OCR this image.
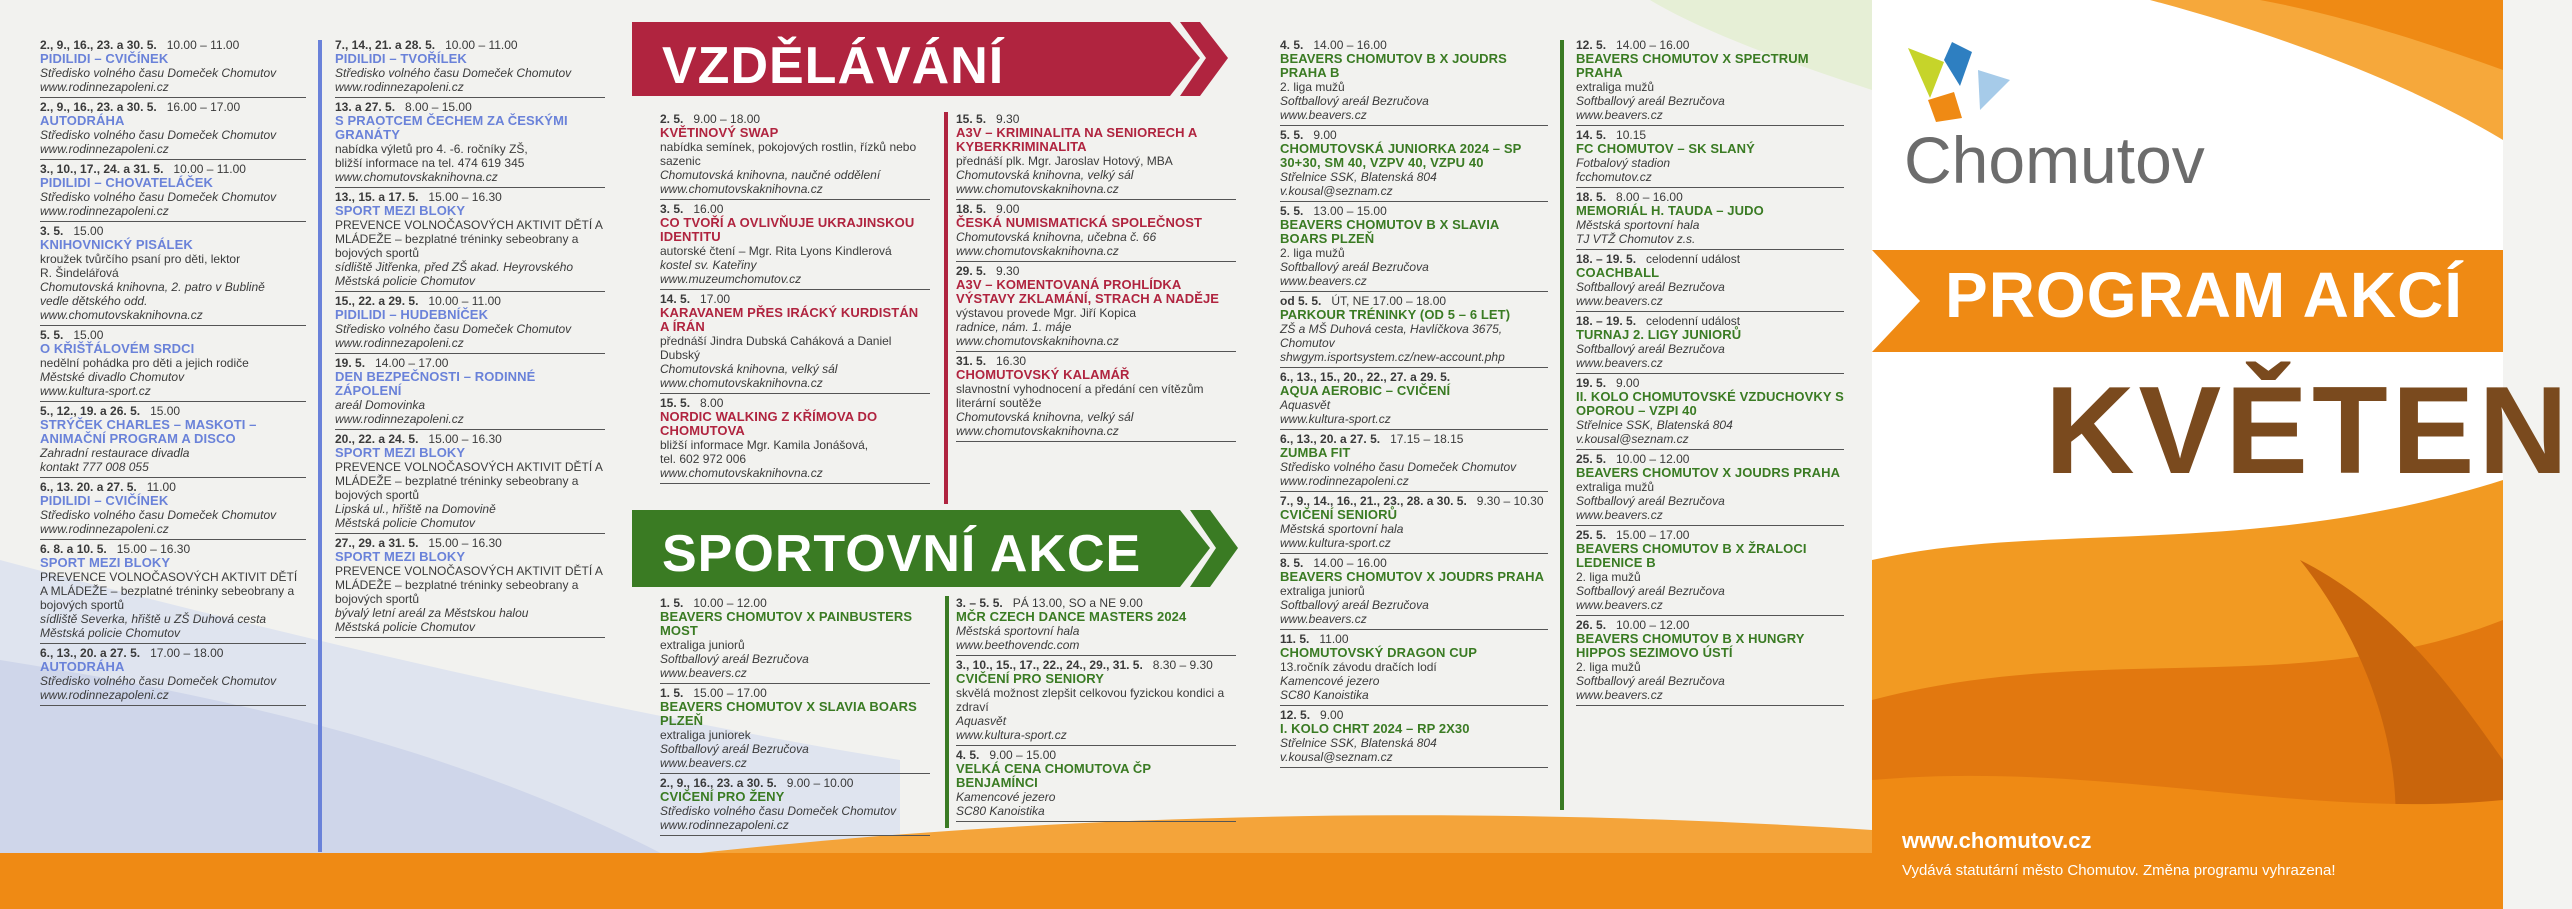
VZDĚLÁVÁNÍ
SPORTOVNÍ AKCE
2., 9., 16., 23. a 30. 5. 10.00 – 11.00
PIDILIDI – CVIČÍNEK
Středisko volného času Domeček Chomutov
www.rodinnezapoleni.cz
2., 9., 16., 23. a 30. 5. 16.00 – 17.00
AUTODRÁHA
Středisko volného času Domeček Chomutov
www.rodinnezapoleni.cz
3., 10., 17., 24. a 31. 5. 10.00 – 11.00
PIDILIDI – CHOVATELÁČEK
Středisko volného času Domeček Chomutov
www.rodinnezapoleni.cz
3. 5. 15.00
KNIHOVNICKÝ PISÁLEK
kroužek tvůrčího psaní pro děti, lektor
R. Šindelářová
Chomutovská knihovna, 2. patro v Bublině
vedle dětského odd.
www.chomutovskaknihovna.cz
5. 5. 15.00
O KŘIŠŤÁLOVÉM SRDCI
nedělní pohádka pro děti a jejich rodiče
Městské divadlo Chomutov
www.kultura-sport.cz
5., 12., 19. a 26. 5. 15.00
STRÝČEK CHARLES – MASKOTI – ANIMAČNÍ PROGRAM A DISCO
Zahradní restaurace divadla
kontakt 777 008 055
6., 13. 20. a 27. 5. 11.00
PIDILIDI – CVIČÍNEK
Středisko volného času Domeček Chomutov
www.rodinnezapoleni.cz
6. 8. a 10. 5. 15.00 – 16.30
SPORT MEZI BLOKY
PREVENCE VOLNOČASOVÝCH AKTIVIT DĚTÍ A MLÁDEŽE – bezplatné tréninky sebeobrany a bojových sportů
sídliště Severka, hřiště u ZŠ Duhová cesta
Městská policie Chomutov
6., 13., 20. a 27. 5. 17.00 – 18.00
AUTODRÁHA
Středisko volného času Domeček Chomutov
www.rodinnezapoleni.cz
7., 14., 21. a 28. 5. 10.00 – 11.00
PIDILIDI – TVOŘÍLEK
Středisko volného času Domeček Chomutov
www.rodinnezapoleni.cz
13. a 27. 5. 8.00 – 15.00
S PRAOTCEM ČECHEM ZA ČESKÝMI GRANÁTY
nabídka výletů pro 4. -6. ročníky ZŠ,
bližší informace na tel. 474 619 345
www.chomutovskaknihovna.cz
13., 15. a 17. 5. 15.00 – 16.30
SPORT MEZI BLOKY
PREVENCE VOLNOČASOVÝCH AKTIVIT DĚTÍ A MLÁDEŽE – bezplatné tréninky sebeobrany a bojových sportů
sídliště Jitřenka, před ZŠ akad. Heyrovského
Městská policie Chomutov
15., 22. a 29. 5. 10.00 – 11.00
PIDILIDI – HUDEBNÍČEK
Středisko volného času Domeček Chomutov
www.rodinnezapoleni.cz
19. 5. 14.00 – 17.00
DEN BEZPEČNOSTI – RODINNÉ ZÁPOLENÍ
areál Domovinka
www.rodinnezapoleni.cz
20., 22. a 24. 5. 15.00 – 16.30
SPORT MEZI BLOKY
PREVENCE VOLNOČASOVÝCH AKTIVIT DĚTÍ A MLÁDEŽE – bezplatné tréninky sebeobrany a bojových sportů
Lipská ul., hřiště na Domovině
Městská policie Chomutov
27., 29. a 31. 5. 15.00 – 16.30
SPORT MEZI BLOKY
PREVENCE VOLNOČASOVÝCH AKTIVIT DĚTÍ A MLÁDEŽE – bezplatné tréninky sebeobrany a bojových sportů
bývalý letní areál za Městskou halou
Městská policie Chomutov
2. 5. 9.00 – 18.00
KVĚTINOVÝ SWAP
nabídka semínek, pokojových rostlin, řízků nebo sazenic
Chomutovská knihovna, naučné oddělení
www.chomutovskaknihovna.cz
3. 5. 16.00
CO TVOŘÍ A OVLIVŇUJE UKRAJINSKOU IDENTITU
autorské čtení – Mgr. Rita Lyons Kindlerová
kostel sv. Kateřiny
www.muzeumchomutov.cz
14. 5. 17.00
KARAVANEM PŘES IRÁCKÝ KURDISTÁN A ÍRÁN
přednáší Jindra Dubská Caháková a Daniel Dubský
Chomutovská knihovna, velký sál
www.chomutovskaknihovna.cz
15. 5. 8.00
NORDIC WALKING Z KŘÍMOVA DO CHOMUTOVA
bližší informace Mgr. Kamila Jonášová,
tel. 602 972 006
www.chomutovskaknihovna.cz
15. 5. 9.30
A3V – KRIMINALITA NA SENIORECH A KYBERKRIMINALITA
přednáší plk. Mgr. Jaroslav Hotový, MBA
Chomutovská knihovna, velký sál
www.chomutovskaknihovna.cz
18. 5. 9.00
ČESKÁ NUMISMATICKÁ SPOLEČNOST
Chomutovská knihovna, učebna č. 66
www.chomutovskaknihovna.cz
29. 5. 9.30
A3V – KOMENTOVANÁ PROHLÍDKA VÝSTAVY ZKLAMÁNÍ, STRACH A NADĚJE
výstavou provede Mgr. Jiří Kopica
radnice, nám. 1. máje
www.chomutovskaknihovna.cz
31. 5. 16.30
CHOMUTOVSKÝ KALAMÁŘ
slavnostní vyhodnocení a předání cen vítězům literární soutěže
Chomutovská knihovna, velký sál
www.chomutovskaknihovna.cz
1. 5. 10.00 – 12.00
BEAVERS CHOMUTOV X PAINBUSTERS MOST
extraliga juniorů
Softballový areál Bezručova
www.beavers.cz
1. 5. 15.00 – 17.00
BEAVERS CHOMUTOV X SLAVIA BOARS PLZEŇ
extraliga juniorek
Softballový areál Bezručova
www.beavers.cz
2., 9., 16., 23. a 30. 5. 9.00 – 10.00
CVIČENÍ PRO ŽENY
Středisko volného času Domeček Chomutov
www.rodinnezapoleni.cz
3. – 5. 5. PÁ 13.00, SO a NE 9.00
MČR CZECH DANCE MASTERS 2024
Městská sportovní hala
www.beethovendc.com
3., 10., 15., 17., 22., 24., 29., 31. 5. 8.30 – 9.30
CVIČENÍ PRO SENIORY
skvělá možnost zlepšit celkovou fyzickou kondici a zdraví
Aquasvět
www.kultura-sport.cz
4. 5. 9.00 – 15.00
VELKÁ CENA CHOMUTOVA ČP BENJAMÍNCI
Kamencové jezero
SC80 Kanoistika
4. 5. 14.00 – 16.00
BEAVERS CHOMUTOV B X JOUDRS PRAHA B
2. liga mužů
Softballový areál Bezručova
www.beavers.cz
5. 5. 9.00
CHOMUTOVSKÁ JUNIORKA 2024 – SP 30+30, SM 40, VZPV 40, VZPU 40
Střelnice SSK, Blatenská 804
v.kousal@seznam.cz
5. 5. 13.00 – 15.00
BEAVERS CHOMUTOV B X SLAVIA BOARS PLZEŇ
2. liga mužů
Softballový areál Bezručova
www.beavers.cz
od 5. 5. ÚT, NE 17.00 – 18.00
PARKOUR TRÉNINKY (OD 5 – 6 LET)
ZŠ a MŠ Duhová cesta, Havlíčkova 3675, Chomutov
shwgym.isportsystem.cz/new-account.php
6., 13., 15., 20., 22., 27. a 29. 5.
AQUA AEROBIC – CVIČENÍ
Aquasvět
www.kultura-sport.cz
6., 13., 20. a 27. 5. 17.15 – 18.15
ZUMBA FIT
Středisko volného času Domeček Chomutov
www.rodinnezapoleni.cz
7., 9., 14., 16., 21., 23., 28. a 30. 5. 9.30 – 10.30
CVIČENÍ SENIORŮ
Městská sportovní hala
www.kultura-sport.cz
8. 5. 14.00 – 16.00
BEAVERS CHOMUTOV X JOUDRS PRAHA
extraliga juniorů
Softballový areál Bezručova
www.beavers.cz
11. 5. 11.00
CHOMUTOVSKÝ DRAGON CUP
13.ročník závodu dračích lodí
Kamencové jezero
SC80 Kanoistika
12. 5. 9.00
I. KOLO CHRT 2024 – RP 2X30
Střelnice SSK, Blatenská 804
v.kousal@seznam.cz
12. 5. 14.00 – 16.00
BEAVERS CHOMUTOV X SPECTRUM PRAHA
extraliga mužů
Softballový areál Bezručova
www.beavers.cz
14. 5. 10.15
FC CHOMUTOV – SK SLANÝ
Fotbalový stadion
fcchomutov.cz
18. 5. 8.00 – 16.00
MEMORIÁL H. TAUDA – JUDO
Městská sportovní hala
TJ VTŽ Chomutov z.s.
18. – 19. 5. celodenní událost
COACHBALL
Softballový areál Bezručova
www.beavers.cz
18. – 19. 5. celodenní událost
TURNAJ 2. LIGY JUNIORŮ
Softballový areál Bezručova
www.beavers.cz
19. 5. 9.00
II. KOLO CHOMUTOVSKÉ VZDUCHOVKY S OPOROU – VZPI 40
Střelnice SSK, Blatenská 804
v.kousal@seznam.cz
25. 5. 10.00 – 12.00
BEAVERS CHOMUTOV X JOUDRS PRAHA
extraliga mužů
Softballový areál Bezručova
www.beavers.cz
25. 5. 15.00 – 17.00
BEAVERS CHOMUTOV B X ŽRALOCI LEDENICE B
2. liga mužů
Softballový areál Bezručova
www.beavers.cz
26. 5. 10.00 – 12.00
BEAVERS CHOMUTOV B X HUNGRY HIPPOS SEZIMOVO ÚSTÍ
2. liga mužů
Softballový areál Bezručova
www.beavers.cz
Chomutov
PROGRAM AKCÍ
KVĚTEN
www.chomutov.cz
Vydává statutární město Chomutov. Změna programu vyhrazena!
